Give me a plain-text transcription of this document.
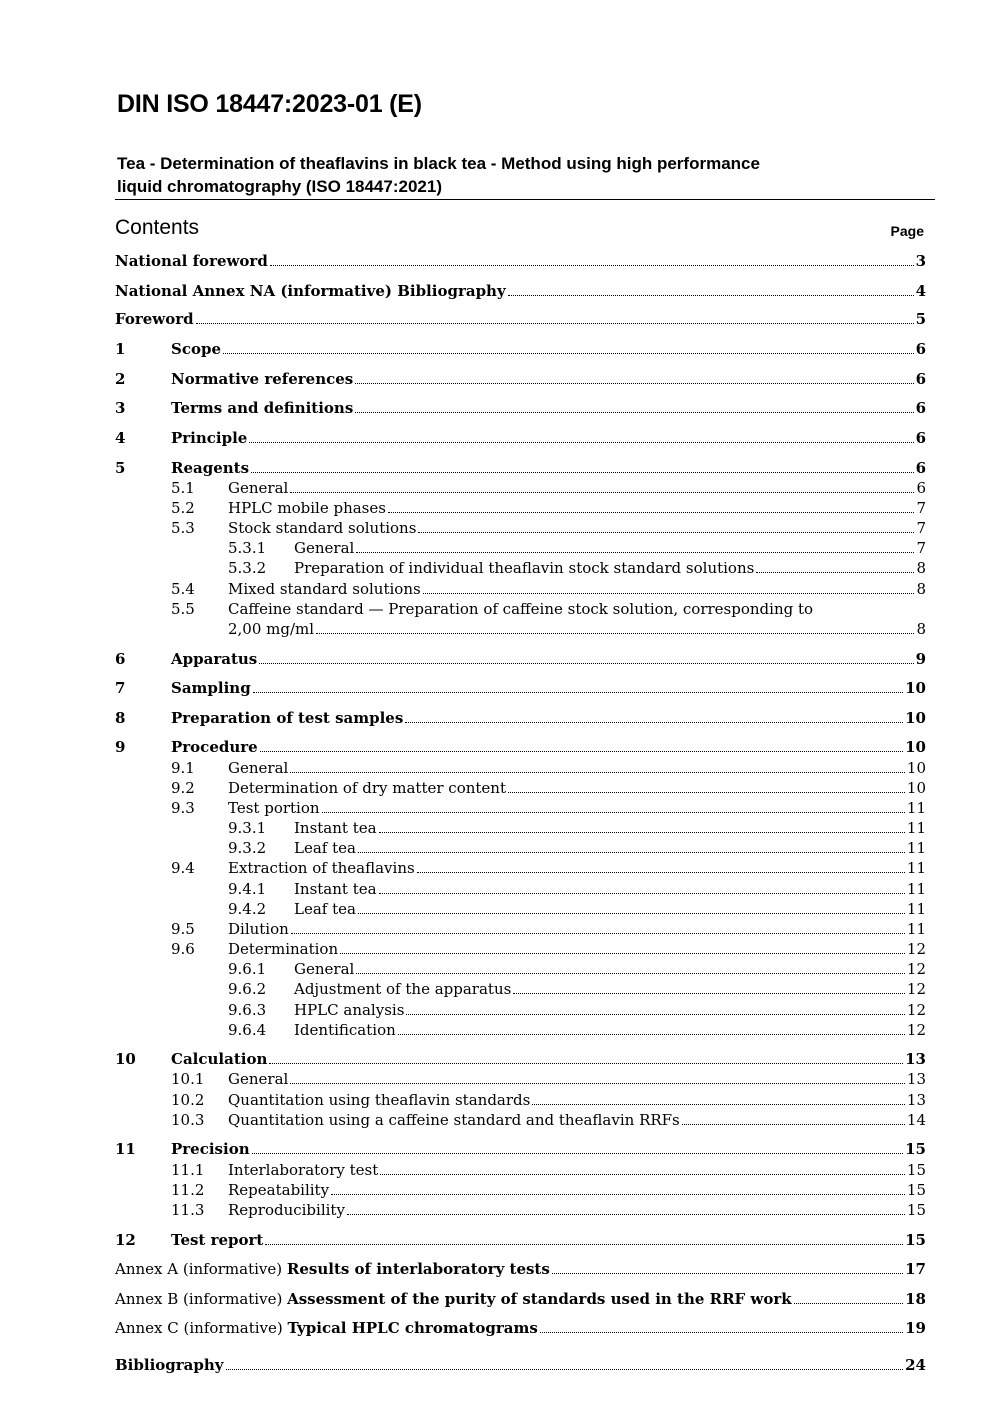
DIN ISO 18447:2023-01 (E)
Tea - Determination of theaflavins in black tea - Method using high performance
liquid chromatography (ISO 18447:2021)
Contents	Page
National foreword	3
National Annex NA (informative) Bibliography	4
Foreword	5
1	Scope	6
2	Normative references	6
3	Terms and definitions	6
4	Principle	6
5	Reagents	6
5.1 General	6
5.2 HPLC mobile phases	7
5.3 Stock standard solutions	7
5.3.1 General	7
5.3.2 Preparation of individual theaflavin stock standard solutions	8
5.4 Mixed standard solutions	8
5.5 Caffeine standard — Preparation of caffeine stock solution, corresponding to
2,00 mg/ml	8
6	Apparatus	9
7	Sampling	10
8	Preparation of test samples	10
9	Procedure	10
9.1 General	10
9.2 Determination of dry matter content	10
9.3 Test portion	11
9.3.1 Instant tea	11
9.3.2 Leaf tea	11
9.4 Extraction of theaflavins	11
9.4.1 Instant tea	11
9.4.2 Leaf tea	11
9.5 Dilution	11
9.6 Determination	12
9.6.1 General	12
9.6.2 Adjustment of the apparatus	12
9.6.3 HPLC analysis	12
9.6.4 Identification	12
10 Calculation	13
10.1 General	13
10.2 Quantitation using theaflavin standards	13
10.3 Quantitation using a caffeine standard and theaflavin RRFs	14
11 Precision	15
11.1 Interlaboratory test	15
11.2 Repeatability	15
11.3 Reproducibility	15
12 Test report	15
Annex A (informative) Results of interlaboratory tests	17
Annex B (informative) Assessment of the purity of standards used in the RRF work	18
Annex C (informative) Typical HPLC chromatograms	19
Bibliography	24
